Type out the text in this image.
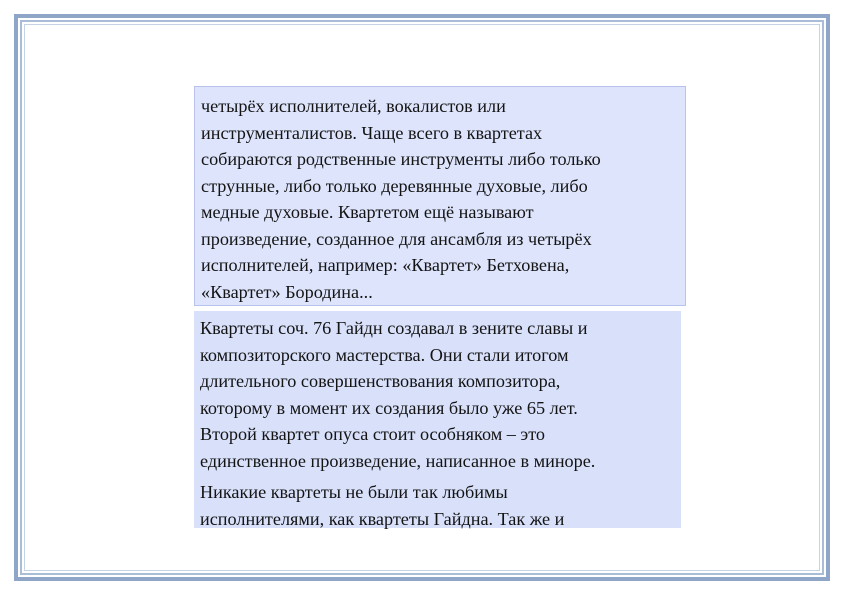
четырёх исполнителей, вокалистов или
инструменталистов. Чаще всего в квартетах
собираются родственные инструменты либо только
струнные, либо только деревянные духовые, либо
медные духовые. Квартетом ещё называют
произведение, созданное для ансамбля из четырёх
исполнителей, например: «Квартет» Бетховена,
«Квартет» Бородина...

Квартеты соч. 76 Гайдн создавал в зените славы и
композиторского мастерства. Они стали итогом
длительного совершенствования композитора,
которому в момент их создания было уже 65 лет.
Второй квартет опуса стоит особняком – это
единственное произведение, написанное в миноре.

Никакие квартеты не были так любимы
исполнителями, как квартеты Гайдна. Так же и
